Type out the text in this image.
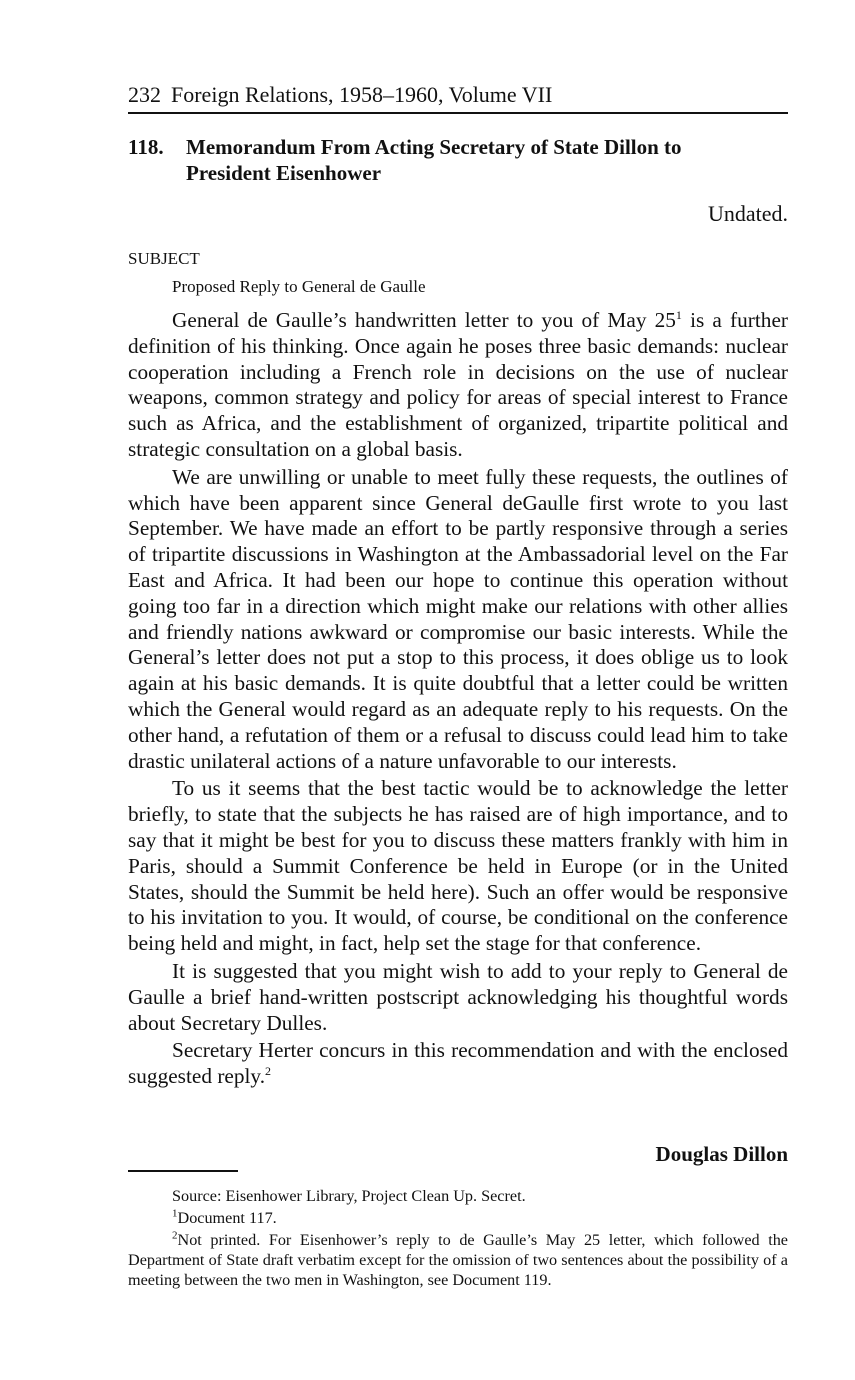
232 Foreign Relations, 1958–1960, Volume VII
118. Memorandum From Acting Secretary of State Dillon to President Eisenhower
Undated.
SUBJECT
Proposed Reply to General de Gaulle

General de Gaulle’s handwritten letter to you of May $25^1$ is a further definition of his thinking. Once again he poses three basic demands: nuclear cooperation including a French role in decisions on the use of nuclear weapons, common strategy and policy for areas of special interest to France such as Africa, and the establishment of organized, tripartite political and strategic consultation on a global basis.

We are unwilling or unable to meet fully these requests, the outlines of which have been apparent since General deGaulle first wrote to you last September. We have made an effort to be partly responsive through a series of tripartite discussions in Washington at the Ambassadorial level on the Far East and Africa. It had been our hope to continue this operation without going too far in a direction which might make our relations with other allies and friendly nations awkward or compromise our basic interests. While the General’s letter does not put a stop to this process, it does oblige us to look again at his basic demands. It is quite doubtful that a letter could be written which the General would regard as an adequate reply to his requests. On the other hand, a refutation of them or a refusal to discuss could lead him to take drastic unilateral actions of a nature unfavorable to our interests.

To us it seems that the best tactic would be to acknowledge the letter briefly, to state that the subjects he has raised are of high importance, and to say that it might be best for you to discuss these matters frankly with him in Paris, should a Summit Conference be held in Europe (or in the United States, should the Summit be held here). Such an offer would be responsive to his invitation to you. It would, of course, be conditional on the conference being held and might, in fact, help set the stage for that conference.

It is suggested that you might wish to add to your reply to General de Gaulle a brief hand-written postscript acknowledging his thoughtful words about Secretary Dulles.

Secretary Herter concurs in this recommendation and with the enclosed suggested reply.$^2$

Douglas Dillon
Source: Eisenhower Library, Project Clean Up. Secret.
$^1$Document 117.
$^2$Not printed. For Eisenhower’s reply to de Gaulle’s May 25 letter, which followed the Department of State draft verbatim except for the omission of two sentences about the possibility of a meeting between the two men in Washington, see Document 119.
